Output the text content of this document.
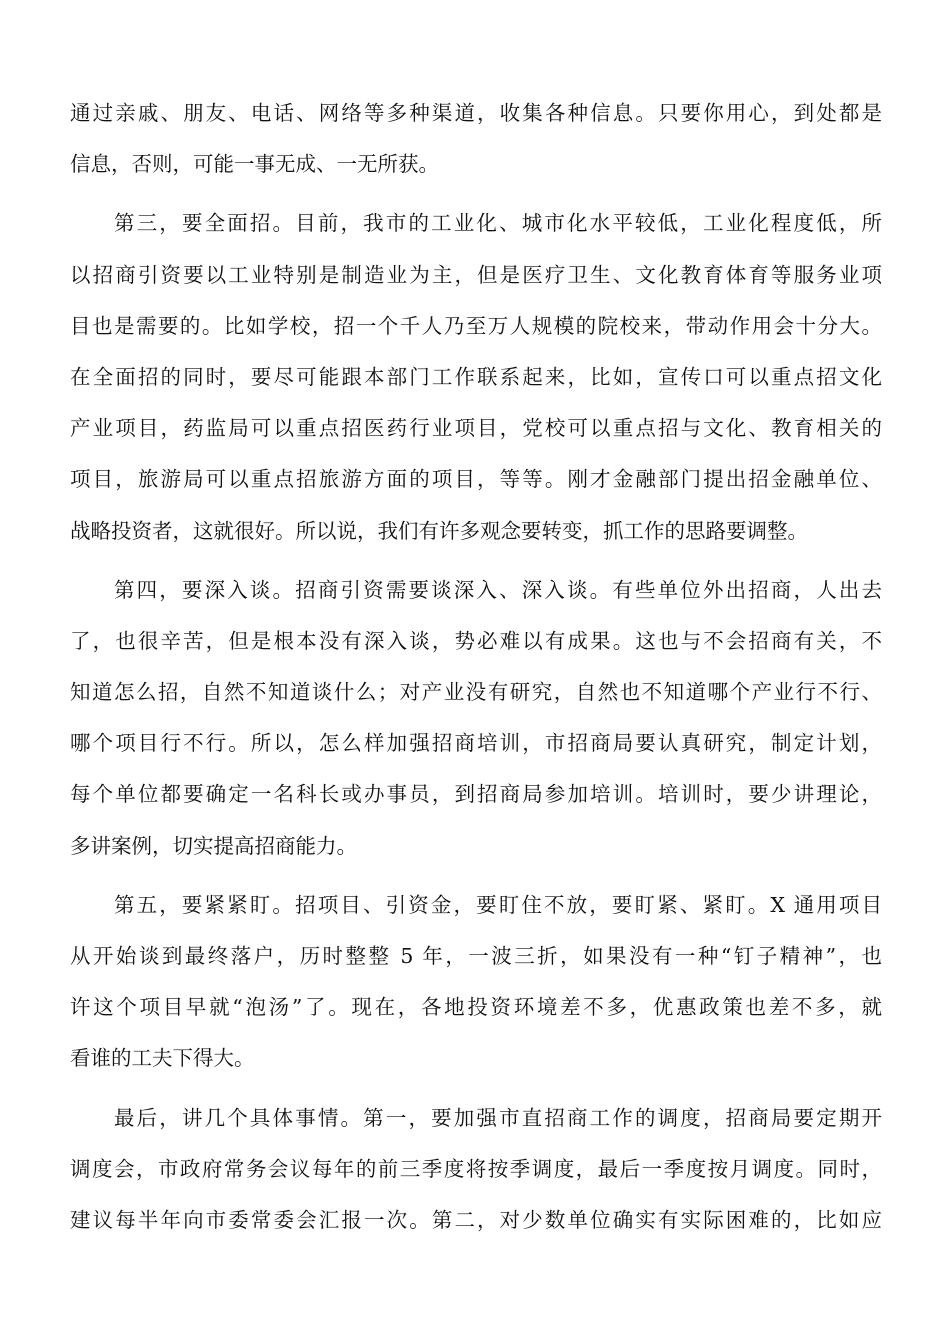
通过亲戚、朋友、电话、网络等多种渠道，收集各种信息。只要你用心，到处都是
信息，否则，可能一事无成、一无所获。
第三，要全面招。目前，我市的工业化、城市化水平较低，工业化程度低，所
以招商引资要以工业特别是制造业为主，但是医疗卫生、文化教育体育等服务业项
目也是需要的。比如学校，招一个千人乃至万人规模的院校来，带动作用会十分大。
在全面招的同时，要尽可能跟本部门工作联系起来，比如，宣传口可以重点招文化
产业项目，药监局可以重点招医药行业项目，党校可以重点招与文化、教育相关的
项目，旅游局可以重点招旅游方面的项目，等等。刚才金融部门提出招金融单位、
战略投资者，这就很好。所以说，我们有许多观念要转变，抓工作的思路要调整。
第四，要深入谈。招商引资需要谈深入、深入谈。有些单位外出招商，人出去
了，也很辛苦，但是根本没有深入谈，势必难以有成果。这也与不会招商有关，不
知道怎么招，自然不知道谈什么；对产业没有研究，自然也不知道哪个产业行不行、
哪个项目行不行。所以，怎么样加强招商培训，市招商局要认真研究，制定计划，
每个单位都要确定一名科长或办事员，到招商局参加培训。培训时，要少讲理论，
多讲案例，切实提高招商能力。
第五，要紧紧盯。招项目、引资金，要盯住不放，要盯紧、紧盯。X 通用项目
从开始谈到最终落户，历时整整 5 年，一波三折，如果没有一种“钉子精神”，也
许这个项目早就“泡汤”了。现在，各地投资环境差不多，优惠政策也差不多，就
看谁的工夫下得大。
最后，讲几个具体事情。第一，要加强市直招商工作的调度，招商局要定期开
调度会，市政府常务会议每年的前三季度将按季调度，最后一季度按月调度。同时，
建议每半年向市委常委会汇报一次。第二，对少数单位确实有实际困难的，比如应
